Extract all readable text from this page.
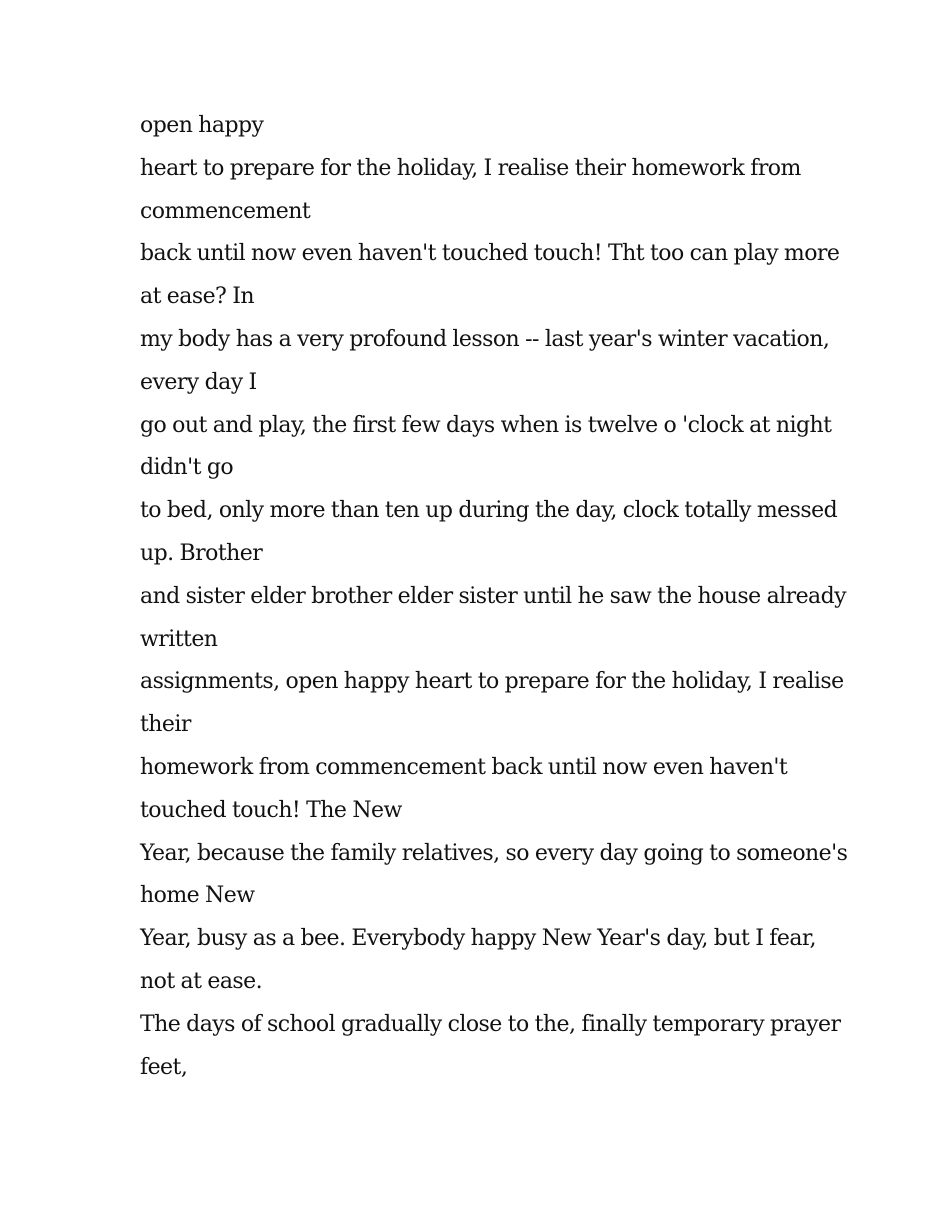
open happy
heart to prepare for the holiday, I realise their homework from
commencement
back until now even haven't touched touch! Tht too can play more
at ease? In
my body has a very profound lesson -- last year's winter vacation,
every day I
go out and play, the first few days when is twelve o 'clock at night
didn't go
to bed, only more than ten up during the day, clock totally messed
up. Brother
and sister elder brother elder sister until he saw the house already
written
assignments, open happy heart to prepare for the holiday, I realise
their
homework from commencement back until now even haven't
touched touch! The New
Year, because the family relatives, so every day going to someone's
home New
Year, busy as a bee. Everybody happy New Year's day, but I fear,
not at ease.
The days of school gradually close to the, finally temporary prayer
feet,
